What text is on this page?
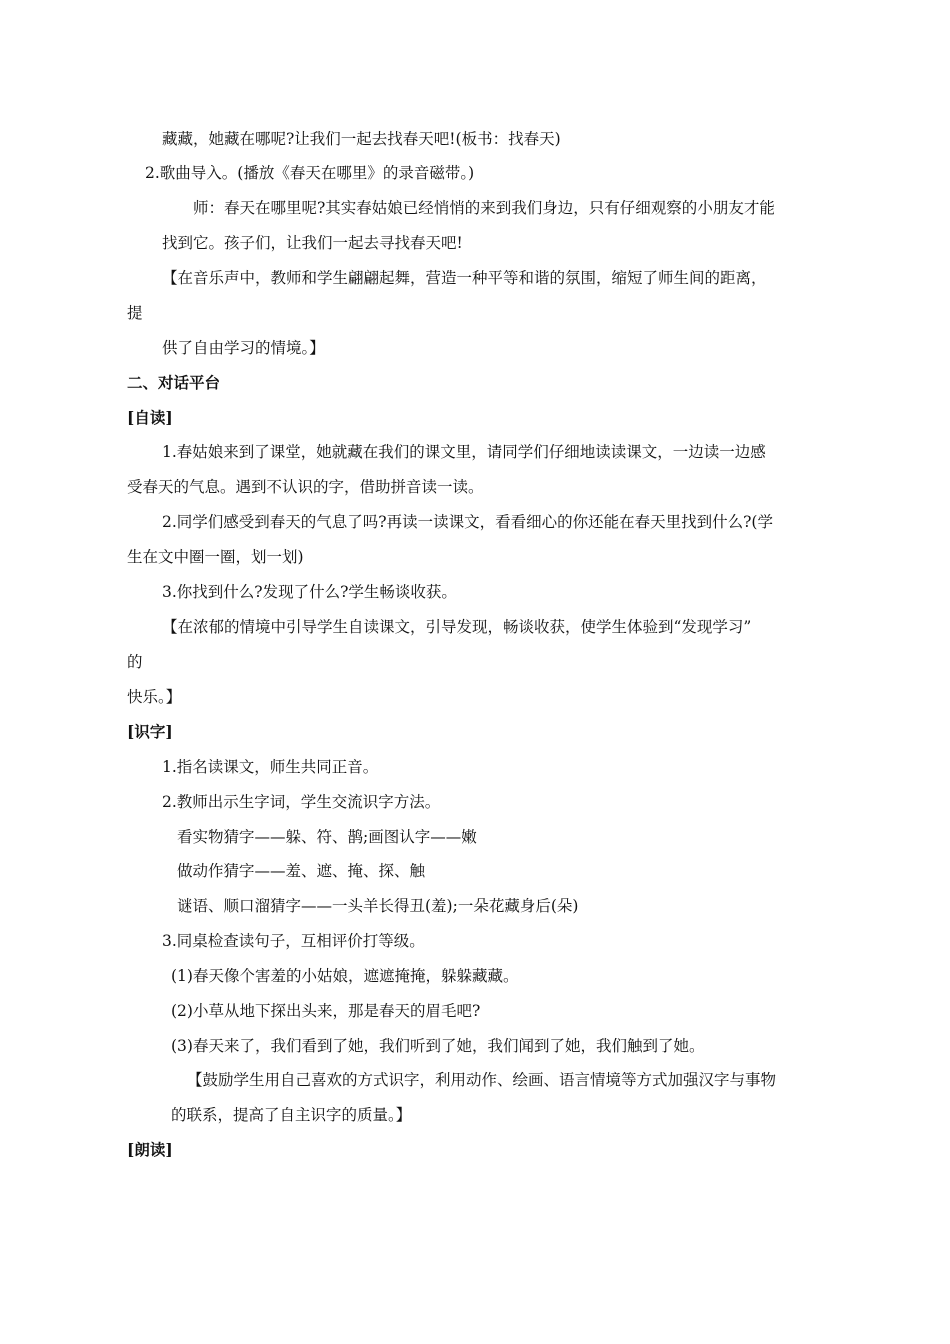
藏藏，她藏在哪呢?让我们一起去找春天吧!(板书：找春天)
2.歌曲导入。(播放《春天在哪里》的录音磁带。)
师：春天在哪里呢?其实春姑娘已经悄悄的来到我们身边，只有仔细观察的小朋友才能
找到它。孩子们，让我们一起去寻找春天吧!
【在音乐声中，教师和学生翩翩起舞，营造一种平等和谐的氛围，缩短了师生间的距离，
提
供了自由学习的情境。】
二、对话平台
[自读]
1.春姑娘来到了课堂，她就藏在我们的课文里，请同学们仔细地读读课文，一边读一边感
受春天的气息。遇到不认识的字，借助拼音读一读。
2.同学们感受到春天的气息了吗?再读一读课文，看看细心的你还能在春天里找到什么?(学
生在文中圈一圈，划一划)
3.你找到什么?发现了什么?学生畅谈收获。
【在浓郁的情境中引导学生自读课文，引导发现，畅谈收获，使学生体验到“发现学习”
的
快乐。】
[识字]
1.指名读课文，师生共同正音。
2.教师出示生字词，学生交流识字方法。
看实物猜字——躲、符、鹊;画图认字——嫩
做动作猜字——羞、遮、掩、探、触
谜语、顺口溜猜字——一头羊长得丑(羞);一朵花藏身后(朵)
3.同桌检查读句子，互相评价打等级。
(1)春天像个害羞的小姑娘，遮遮掩掩，躲躲藏藏。
(2)小草从地下探出头来，那是春天的眉毛吧?
(3)春天来了，我们看到了她，我们听到了她，我们闻到了她，我们触到了她。
【鼓励学生用自己喜欢的方式识字，利用动作、绘画、语言情境等方式加强汉字与事物
的联系，提高了自主识字的质量。】
[朗读]
